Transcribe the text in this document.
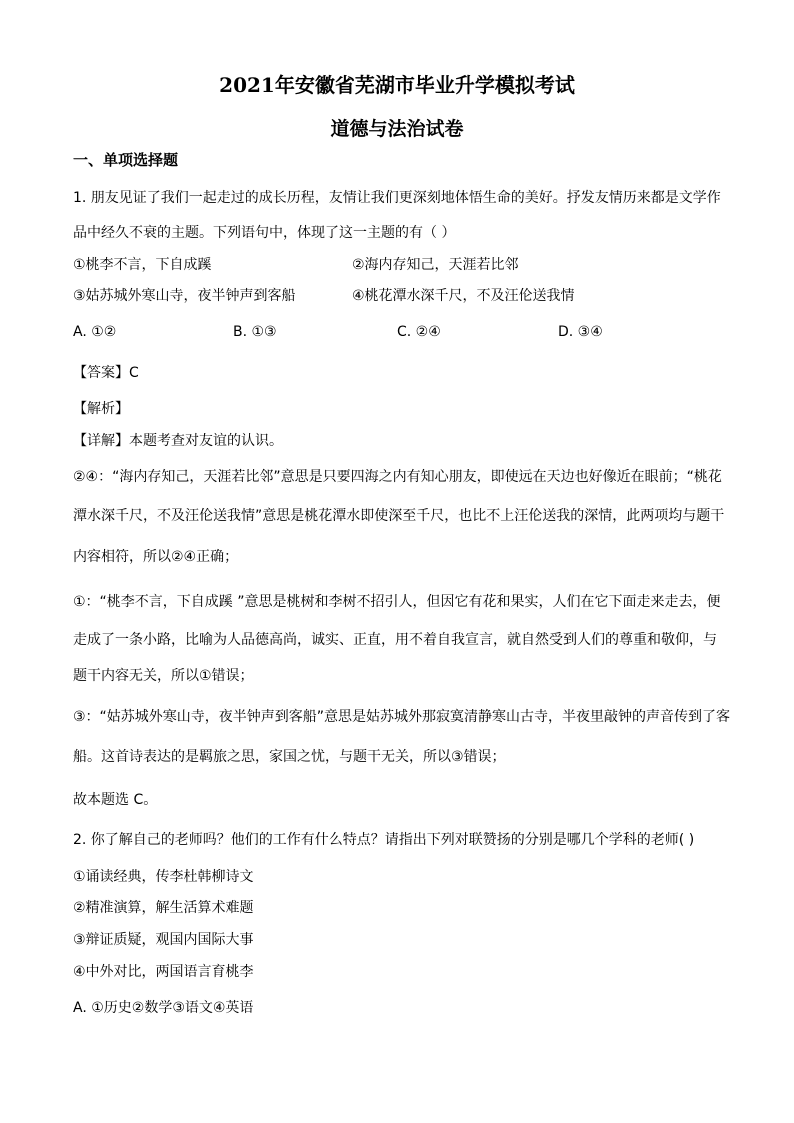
2021年安徽省芜湖市毕业升学模拟考试
道德与法治试卷
一、单项选择题
1. 朋友见证了我们一起走过的成长历程，友情让我们更深刻地体悟生命的美好。抒发友情历来都是文学作
品中经久不衰的主题。下列语句中，体现了这一主题的有（ ）
①桃李不言，下自成蹊	②海内存知己，天涯若比邻
③姑苏城外寒山寺，夜半钟声到客船	④桃花潭水深千尺，不及汪伦送我情
A. ①②	B. ①③	C. ②④	D. ③④
【答案】C
【解析】
【详解】本题考查对友谊的认识。
②④：“海内存知己，天涯若比邻”意思是只要四海之内有知心朋友，即使远在天边也好像近在眼前；“桃花
潭水深千尺，不及汪伦送我情”意思是桃花潭水即使深至千尺，也比不上汪伦送我的深情，此两项均与题干
内容相符，所以②④正确；
①：“桃李不言，下自成蹊 ”意思是桃树和李树不招引人，但因它有花和果实，人们在它下面走来走去，便
走成了一条小路，比喻为人品德高尚，诚实、正直，用不着自我宣言，就自然受到人们的尊重和敬仰，与
题干内容无关，所以①错误；
③：“姑苏城外寒山寺，夜半钟声到客船”意思是姑苏城外那寂寞清静寒山古寺，半夜里敲钟的声音传到了客
船。这首诗表达的是羁旅之思，家国之忧，与题干无关，所以③错误；
故本题选 C。
2. 你了解自己的老师吗？他们的工作有什么特点？请指出下列对联赞扬的分别是哪几个学科的老师( )
①诵读经典，传李杜韩柳诗文
②精准演算，解生活算术难题
③辩证质疑，观国内国际大事
④中外对比，两国语言育桃李
A. ①历史②数学③语文④英语
